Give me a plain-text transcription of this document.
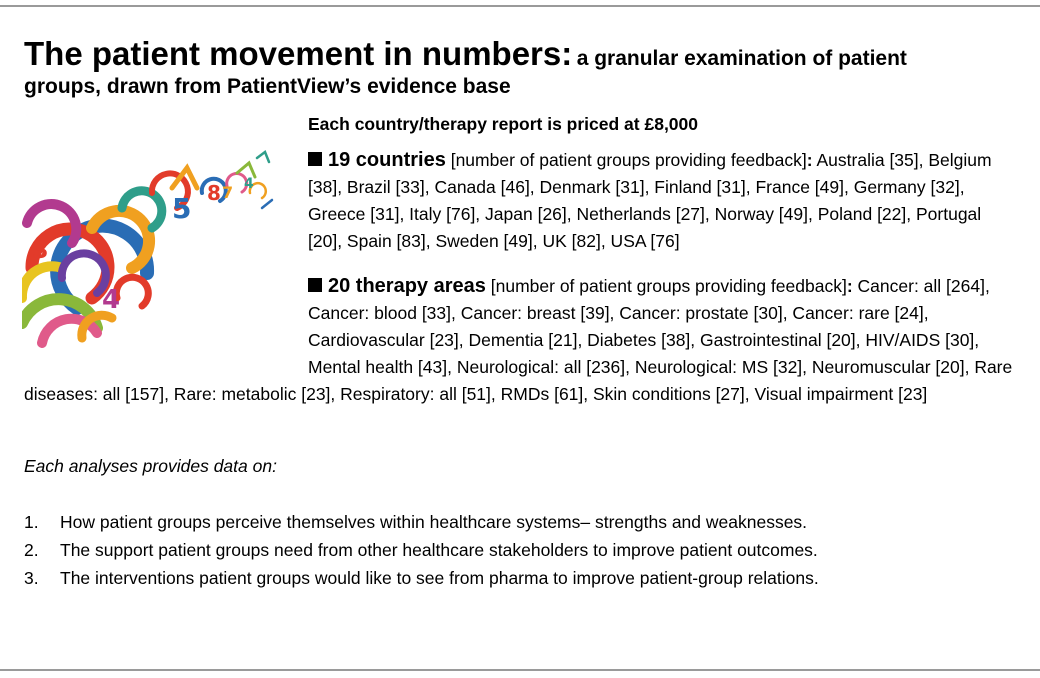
The patient movement in numbers: a granular examination of patient
groups, drawn from PatientView’s evidence base
Each country/therapy report is priced at £8,000
5 8 7 4
4
3
19 countries [number of patient groups providing feedback]: Australia [35], Belgium [38], Brazil [33], Canada [46], Denmark [31], Finland [31], France [49], Germany [32], Greece [31], Italy [76], Japan [26], Netherlands [27], Norway [49], Poland [22], Portugal [20], Spain [83], Sweden [49], UK [82], USA [76]
20 therapy areas [number of patient groups providing feedback]: Cancer: all [264], Cancer: blood [33], Cancer: breast [39], Cancer: prostate [30], Cancer: rare [24], Cardiovascular [23], Dementia [21], Diabetes [38], Gastrointestinal [20], HIV/AIDS [30], Mental health [43], Neurological: all [236], Neurological: MS [32], Neuromuscular [20], Rare diseases: all [157], Rare: metabolic [23], Respiratory: all [51], RMDs [61], Skin conditions [27], Visual impairment [23]
Each analyses provides data on:
1.	How patient groups perceive themselves within healthcare systems– strengths and weaknesses.
2.	The support patient groups need from other healthcare stakeholders to improve patient outcomes.
3.	The interventions patient groups would like to see from pharma to improve patient-group relations.
